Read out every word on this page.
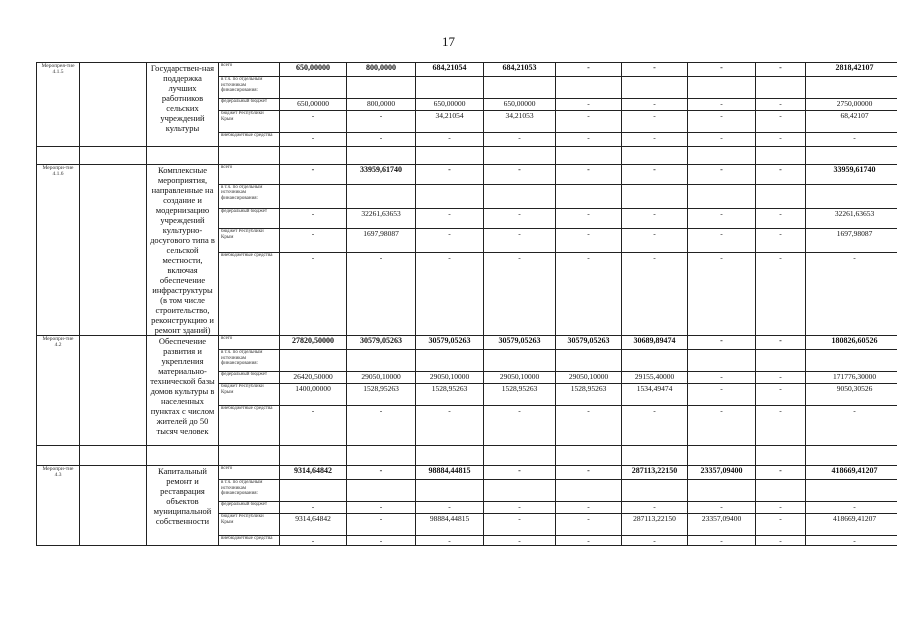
17
Меропрея-тие 4.1.5		Государствен-ная поддержка лучших работников сельских учреждений культуры	всего	650,00000	800,0000	684,21054	684,21053	-	-	-	-	2818,42107
			в т.ч. по отдельным источникам финансирования:									
			федеральный бюджет	650,00000	800,0000	650,00000	650,00000	-	-	-	-	2750,00000
			бюджет Республики Крым	-	-	34,21054	34,21053	-	-	-	-	68,42107
			внебюджетные средства	-	-	-	-	-	-	-	-	-

Меропри-тие 4.1.6		Комплексные мероприятия, направленные на создание и модернизацию учреждений культурно-досугового типа в сельской местности, включая обеспечение инфраструктуры (в том числе строительство, реконструкцию и ремонт зданий)	всего	-	33959,61740	-	-	-	-	-	-	33959,61740
			в т.ч. по отдельным источникам финансирования:									
			федеральный бюджет	-	32261,63653	-	-	-	-	-	-	32261,63653
			бюджет Республики Крым	-	1697,98087	-	-	-	-	-	-	1697,98087
			внебюджетные средства	-	-	-	-	-	-	-	-	-
Меропри-тие 4.2		Обеспечение развития и укрепления материально-технической базы домов культуры в населенных пунктах с числом жителей до 50 тысяч человек	всего	27820,50000	30579,05263	30579,05263	30579,05263	30579,05263	30689,89474	-	-	180826,60526
			в т.ч. по отдельным источникам финансирования:									
			федеральный бюджет	26420,50000	29050,10000	29050,10000	29050,10000	29050,10000	29155,40000	-	-	171776,30000
			бюджет Республики Крым	1400,00000	1528,95263	1528,95263	1528,95263	1528,95263	1534,49474	-	-	9050,30526
			внебюджетные средства	-	-	-	-	-	-	-	-	-

Меропри-тие 4.3		Капитальный ремонт и реставрация объектов муниципальной собственности	всего	9314,64842	-	98884,44815	-	-	287113,22150	23357,09400	-	418669,41207
			в т.ч. по отдельным источникам финансирования:									
			федеральный бюджет	-	-	-	-	-	-	-	-	-
			бюджет Республики Крым	9314,64842	-	98884,44815	-	-	287113,22150	23357,09400	-	418669,41207
			внебюджетные средства	-	-	-	-	-	-	-	-	-
